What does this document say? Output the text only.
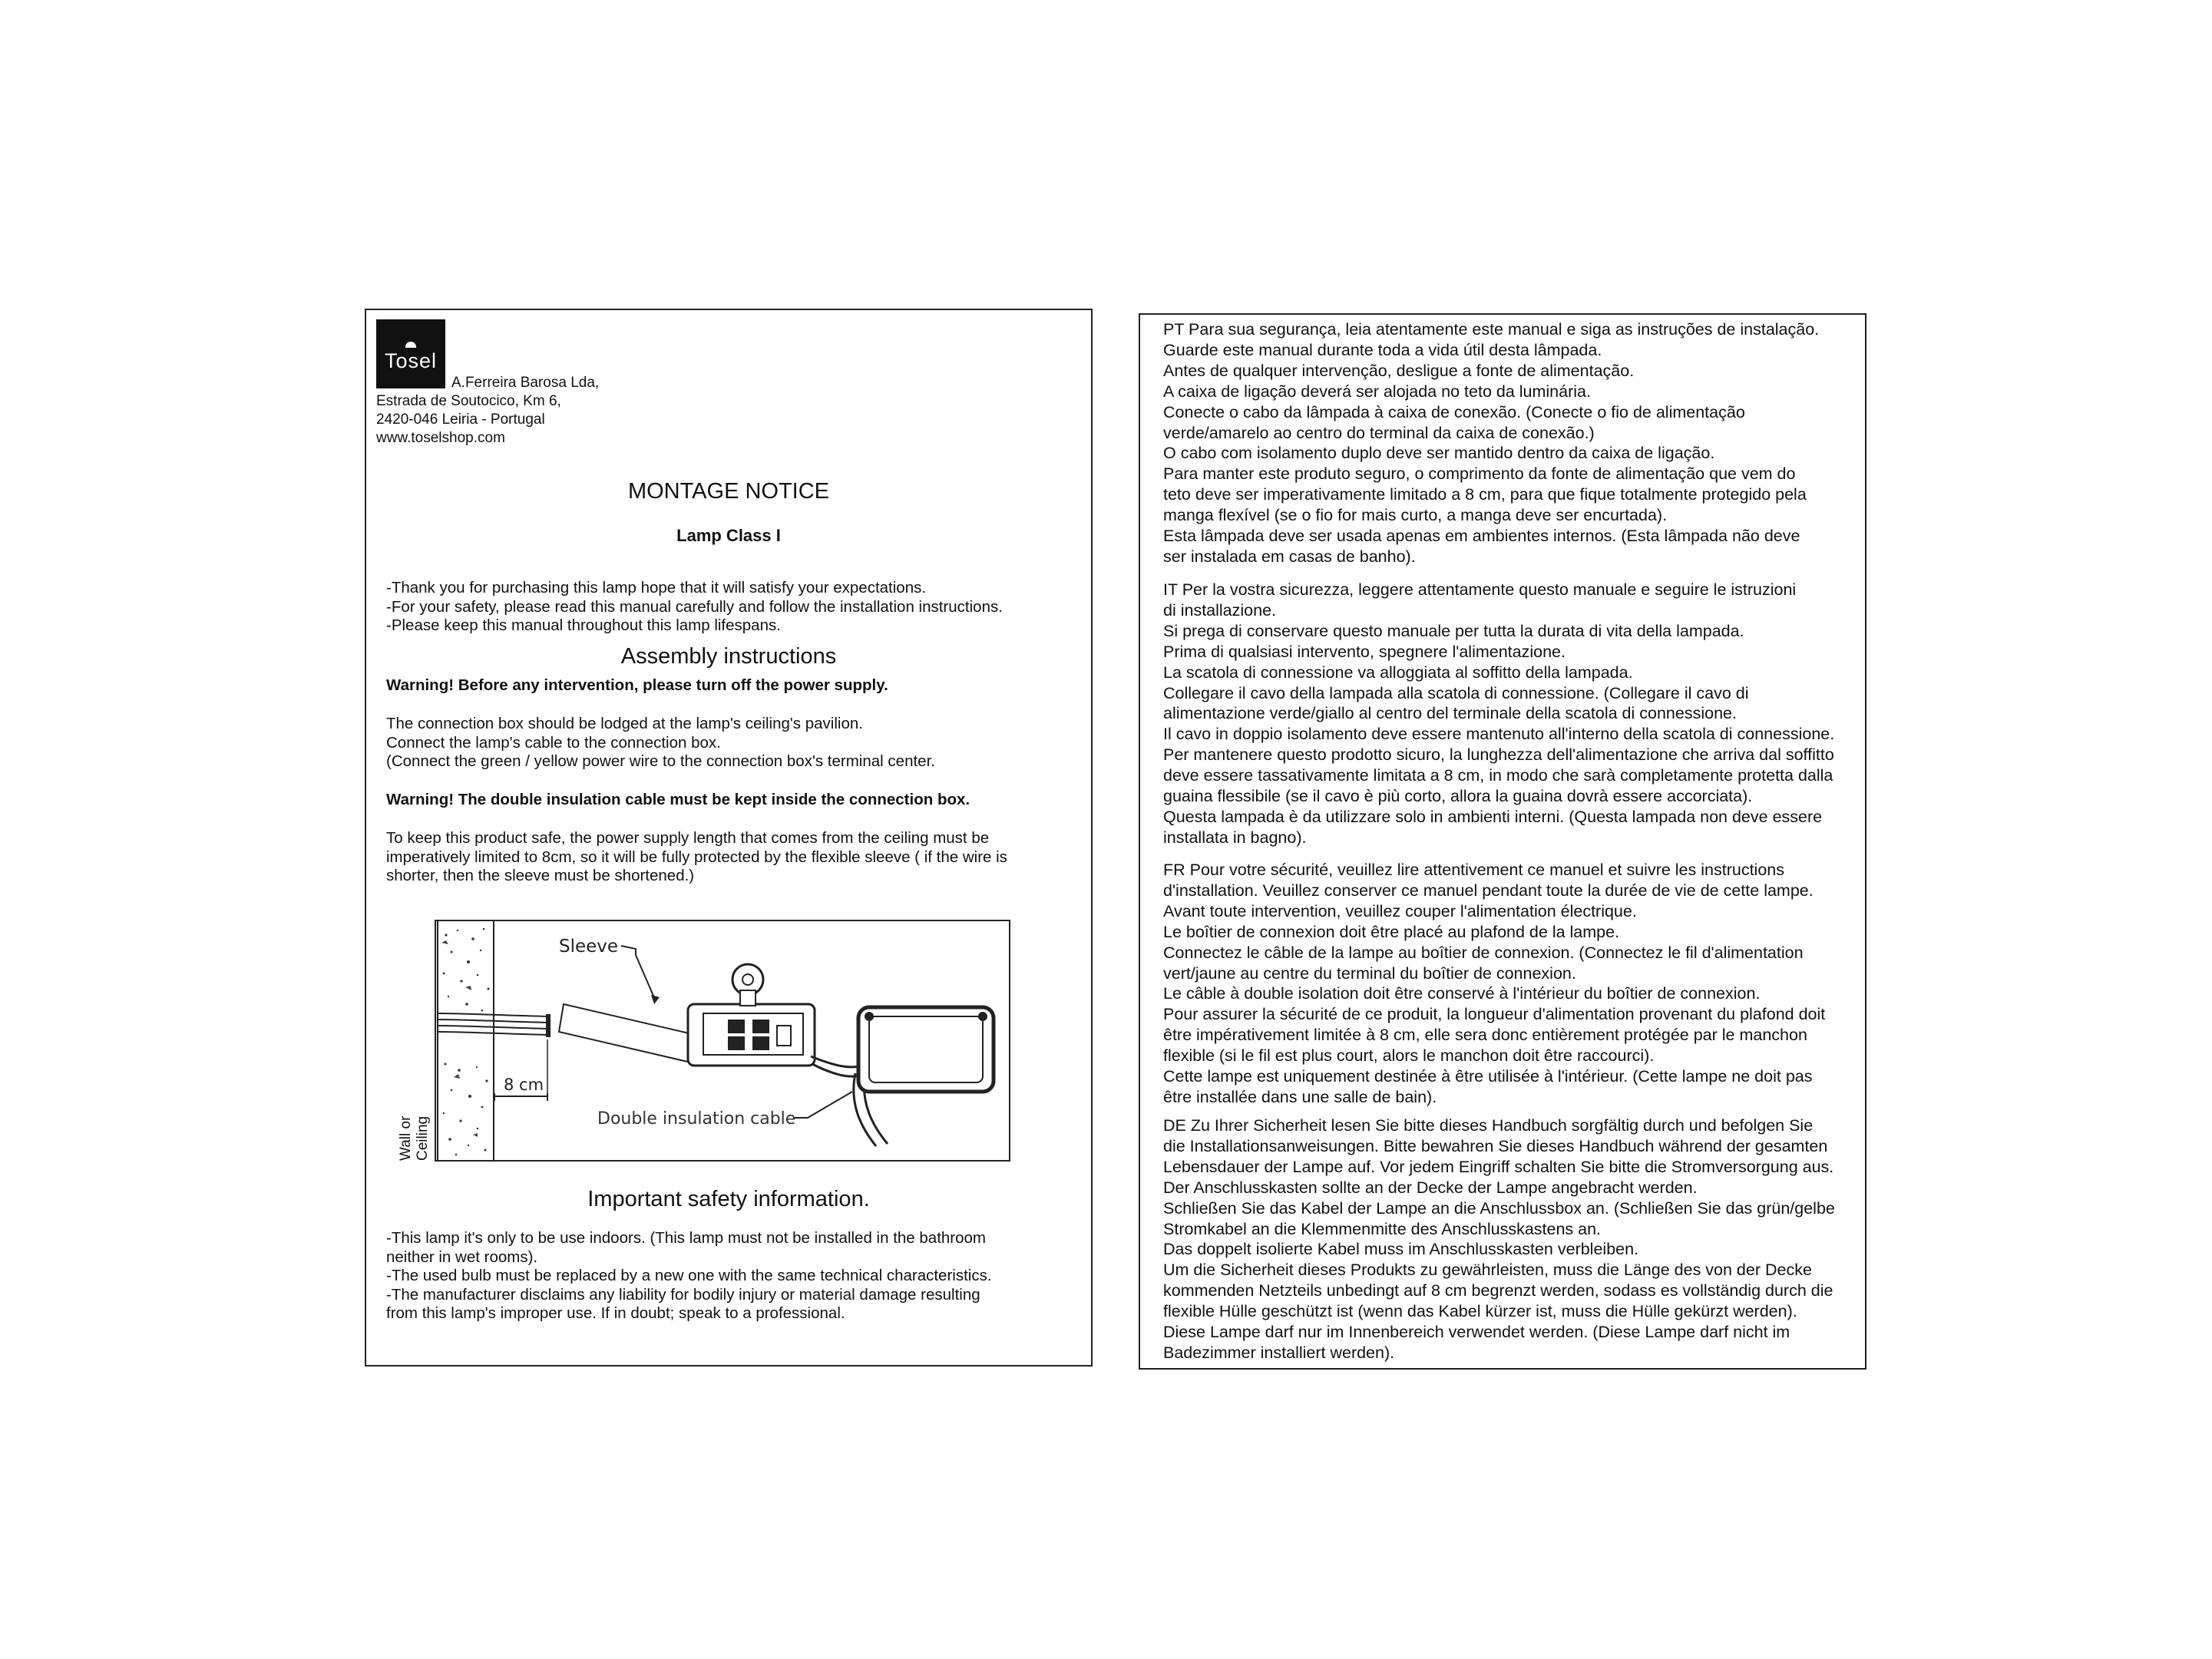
Tosel
A.Ferreira Barosa Lda,
Estrada de Soutocico, Km 6,
2420-046 Leiria - Portugal
www.toselshop.com
MONTAGE NOTICE
Lamp Class I
-Thank you for purchasing this lamp hope that it will satisfy your expectations.
-For your safety, please read this manual carefully and follow the installation instructions.
-Please keep this manual throughout this lamp lifespans.
Assembly instructions
Warning! Before any intervention, please turn off the power supply.
The connection box should be lodged at the lamp's ceiling's pavilion.
Connect the lamp's cable to the connection box.
(Connect the green / yellow power wire to the connection box's terminal center.
Warning! The double insulation cable must be kept inside the connection box.
To keep this product safe, the power supply length that comes from the ceiling must be
imperatively limited to 8cm, so it will be fully protected by the flexible sleeve ( if the wire is
shorter, then the sleeve must be shortened.)
Sleeve
8 cm
Double insulation cable
Wall or Ceiling
Important safety information.
-This lamp it's only to be use indoors. (This lamp must not be installed in the bathroom
neither in wet rooms).
-The used bulb must be replaced by a new one with the same technical characteristics.
-The manufacturer disclaims any liability for bodily injury or material damage resulting
from this lamp's improper use. If in doubt; speak to a professional.
PT Para sua segurança, leia atentamente este manual e siga as instruções de instalação.
Guarde este manual durante toda a vida útil desta lâmpada.
Antes de qualquer intervenção, desligue a fonte de alimentação.
A caixa de ligação deverá ser alojada no teto da luminária.
Conecte o cabo da lâmpada à caixa de conexão. (Conecte o fio de alimentação
verde/amarelo ao centro do terminal da caixa de conexão.)
O cabo com isolamento duplo deve ser mantido dentro da caixa de ligação.
Para manter este produto seguro, o comprimento da fonte de alimentação que vem do
teto deve ser imperativamente limitado a 8 cm, para que fique totalmente protegido pela
manga flexível (se o fio for mais curto, a manga deve ser encurtada).
Esta lâmpada deve ser usada apenas em ambientes internos. (Esta lâmpada não deve
ser instalada em casas de banho).
IT Per la vostra sicurezza, leggere attentamente questo manuale e seguire le istruzioni
di installazione.
Si prega di conservare questo manuale per tutta la durata di vita della lampada.
Prima di qualsiasi intervento, spegnere l'alimentazione.
La scatola di connessione va alloggiata al soffitto della lampada.
Collegare il cavo della lampada alla scatola di connessione. (Collegare il cavo di
alimentazione verde/giallo al centro del terminale della scatola di connessione.
Il cavo in doppio isolamento deve essere mantenuto all'interno della scatola di connessione.
Per mantenere questo prodotto sicuro, la lunghezza dell'alimentazione che arriva dal soffitto
deve essere tassativamente limitata a 8 cm, in modo che sarà completamente protetta dalla
guaina flessibile (se il cavo è più corto, allora la guaina dovrà essere accorciata).
Questa lampada è da utilizzare solo in ambienti interni. (Questa lampada non deve essere
installata in bagno).
FR Pour votre sécurité, veuillez lire attentivement ce manuel et suivre les instructions
d'installation. Veuillez conserver ce manuel pendant toute la durée de vie de cette lampe.
Avant toute intervention, veuillez couper l'alimentation électrique.
Le boîtier de connexion doit être placé au plafond de la lampe.
Connectez le câble de la lampe au boîtier de connexion. (Connectez le fil d'alimentation
vert/jaune au centre du terminal du boîtier de connexion.
Le câble à double isolation doit être conservé à l'intérieur du boîtier de connexion.
Pour assurer la sécurité de ce produit, la longueur d'alimentation provenant du plafond doit
être impérativement limitée à 8 cm, elle sera donc entièrement protégée par le manchon
flexible (si le fil est plus court, alors le manchon doit être raccourci).
Cette lampe est uniquement destinée à être utilisée à l'intérieur. (Cette lampe ne doit pas
être installée dans une salle de bain).
DE Zu Ihrer Sicherheit lesen Sie bitte dieses Handbuch sorgfältig durch und befolgen Sie
die Installationsanweisungen. Bitte bewahren Sie dieses Handbuch während der gesamten
Lebensdauer der Lampe auf. Vor jedem Eingriff schalten Sie bitte die Stromversorgung aus.
Der Anschlusskasten sollte an der Decke der Lampe angebracht werden.
Schließen Sie das Kabel der Lampe an die Anschlussbox an. (Schließen Sie das grün/gelbe
Stromkabel an die Klemmenmitte des Anschlusskastens an.
Das doppelt isolierte Kabel muss im Anschlusskasten verbleiben.
Um die Sicherheit dieses Produkts zu gewährleisten, muss die Länge des von der Decke
kommenden Netzteils unbedingt auf 8 cm begrenzt werden, sodass es vollständig durch die
flexible Hülle geschützt ist (wenn das Kabel kürzer ist, muss die Hülle gekürzt werden).
Diese Lampe darf nur im Innenbereich verwendet werden. (Diese Lampe darf nicht im
Badezimmer installiert werden).
